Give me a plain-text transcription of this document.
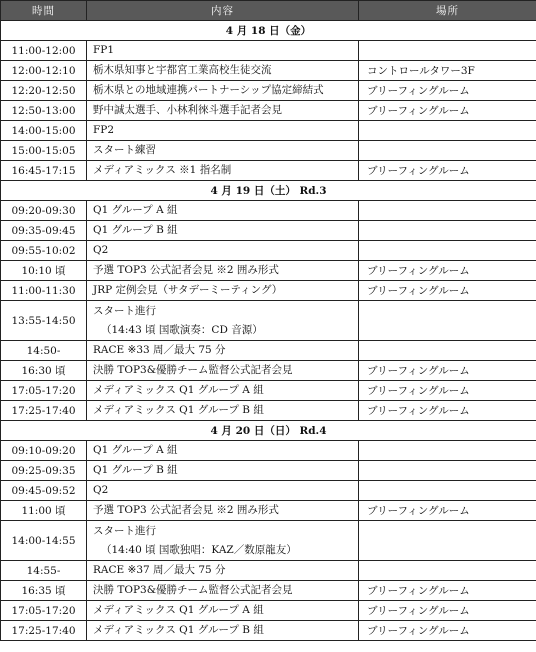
時間	内容	場所
4 月 18 日（金）		
11:00-12:00	FP1	

12:00-12:10	栃木県知事と宇都宮工業高校生徒交流	コントロールタワー3F
12:20-12:50	栃木県との地域連携パートナーシップ協定締結式	ブリーフィングルーム
12:50-13:00	野中誠太選手、小林利徠斗選手記者会見	ブリーフィングルーム
14:00-15:00	FP2	

15:00-15:05	スタート練習	

16:45-17:15	メディアミックス ※1 指名制	ブリーフィングルーム
4 月 19 日（土） Rd.3		
09:20-09:30	Q1 グループ A 組	

09:35-09:45	Q1 グループ B 組	

09:55-10:02	Q2	

10:10 頃	予選 TOP3 公式記者会見 ※2 囲み形式	ブリーフィングルーム
11:00-11:30	JRP 定例会見（サタデーミーティング）	ブリーフィングルーム
13:55-14:50	スタート進行
（14:43 頃 国歌演奏：CD 音源）	

14:50-	RACE ※33 周／最大 75 分	

16:30 頃	決勝 TOP3&優勝チーム監督公式記者会見	ブリーフィングルーム
17:05-17:20	メディアミックス Q1 グループ A 組	ブリーフィングルーム
17:25-17:40	メディアミックス Q1 グループ B 組	ブリーフィングルーム
4 月 20 日（日） Rd.4		
09:10-09:20	Q1 グループ A 組	

09:25-09:35	Q1 グループ B 組	

09:45-09:52	Q2	

11:00 頃	予選 TOP3 公式記者会見 ※2 囲み形式	ブリーフィングルーム
14:00-14:55	スタート進行
（14:40 頃 国歌独唱：KAZ／数原龍友）	

14:55-	RACE ※37 周／最大 75 分	

16:35 頃	決勝 TOP3&優勝チーム監督公式記者会見	ブリーフィングルーム
17:05-17:20	メディアミックス Q1 グループ A 組	ブリーフィングルーム
17:25-17:40	メディアミックス Q1 グループ B 組	ブリーフィングルーム
